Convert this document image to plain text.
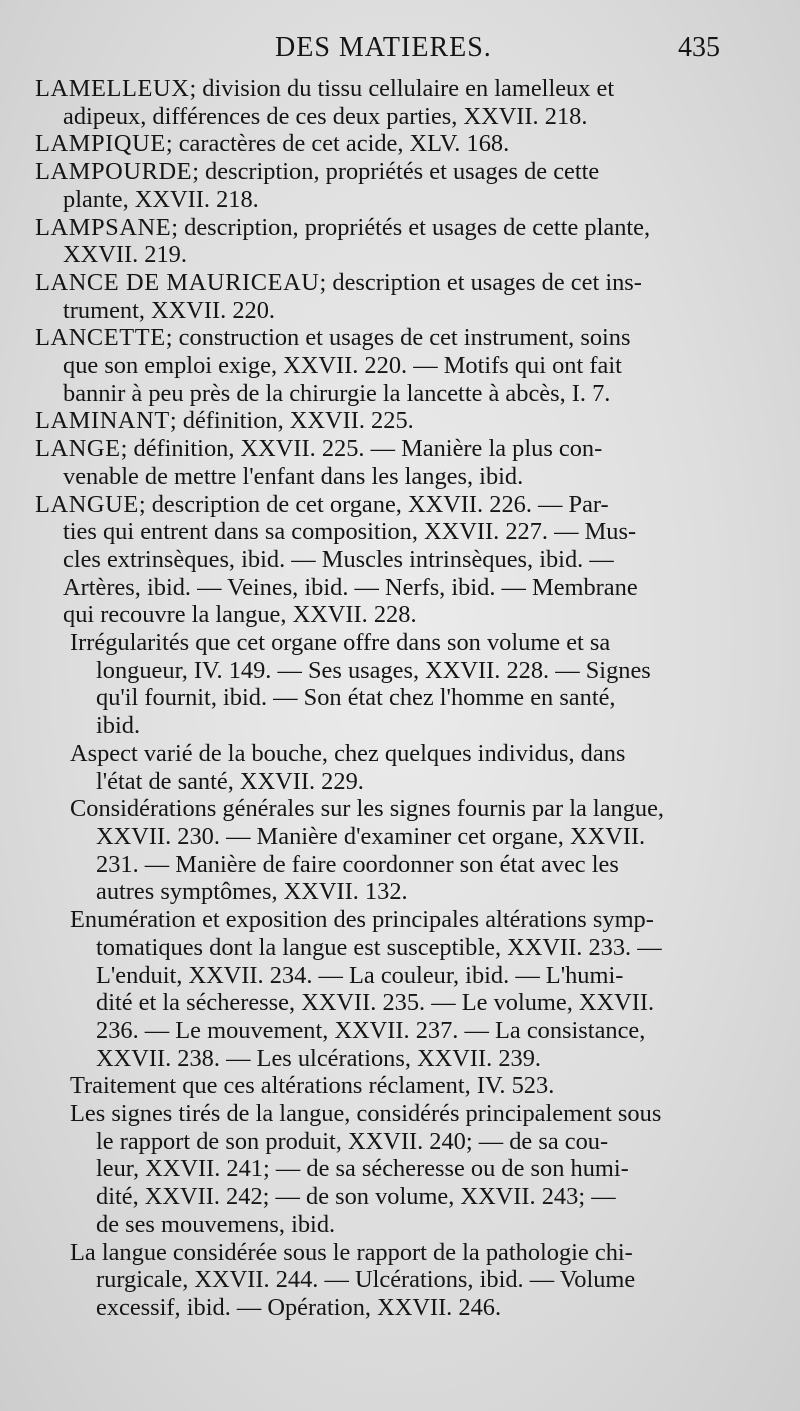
DES MATIERES.	435
LAMELLEUX; division du tissu cellulaire en lamelleux et
adipeux, différences de ces deux parties, XXVII. 218.
LAMPIQUE; caractères de cet acide, XLV. 168.
LAMPOURDE; description, propriétés et usages de cette
plante, XXVII. 218.
LAMPSANE; description, propriétés et usages de cette plante,
XXVII. 219.
LANCE DE MAURICEAU; description et usages de cet ins-
trument, XXVII. 220.
LANCETTE; construction et usages de cet instrument, soins
que son emploi exige, XXVII. 220. — Motifs qui ont fait
bannir à peu près de la chirurgie la lancette à abcès, I. 7.
LAMINANT; définition, XXVII. 225.
LANGE; définition, XXVII. 225. — Manière la plus con-
venable de mettre l'enfant dans les langes, ibid.
LANGUE; description de cet organe, XXVII. 226. — Par-
ties qui entrent dans sa composition, XXVII. 227. — Mus-
cles extrinsèques, ibid. — Muscles intrinsèques, ibid. —
Artères, ibid. — Veines, ibid. — Nerfs, ibid. — Membrane
qui recouvre la langue, XXVII. 228.
Irrégularités que cet organe offre dans son volume et sa
longueur, IV. 149. — Ses usages, XXVII. 228. — Signes
qu'il fournit, ibid. — Son état chez l'homme en santé,
ibid.
Aspect varié de la bouche, chez quelques individus, dans
l'état de santé, XXVII. 229.
Considérations générales sur les signes fournis par la langue,
XXVII. 230. — Manière d'examiner cet organe, XXVII.
231. — Manière de faire coordonner son état avec les
autres symptômes, XXVII. 132.
Enumération et exposition des principales altérations symp-
tomatiques dont la langue est susceptible, XXVII. 233. —
L'enduit, XXVII. 234. — La couleur, ibid. — L'humi-
dité et la sécheresse, XXVII. 235. — Le volume, XXVII.
236. — Le mouvement, XXVII. 237. — La consistance,
XXVII. 238. — Les ulcérations, XXVII. 239.
Traitement que ces altérations réclament, IV. 523.
Les signes tirés de la langue, considérés principalement sous
le rapport de son produit, XXVII. 240; — de sa cou-
leur, XXVII. 241; — de sa sécheresse ou de son humi-
dité, XXVII. 242; — de son volume, XXVII. 243; —
de ses mouvemens, ibid.
La langue considérée sous le rapport de la pathologie chi-
rurgicale, XXVII. 244. — Ulcérations, ibid. — Volume
excessif, ibid. — Opération, XXVII. 246.
